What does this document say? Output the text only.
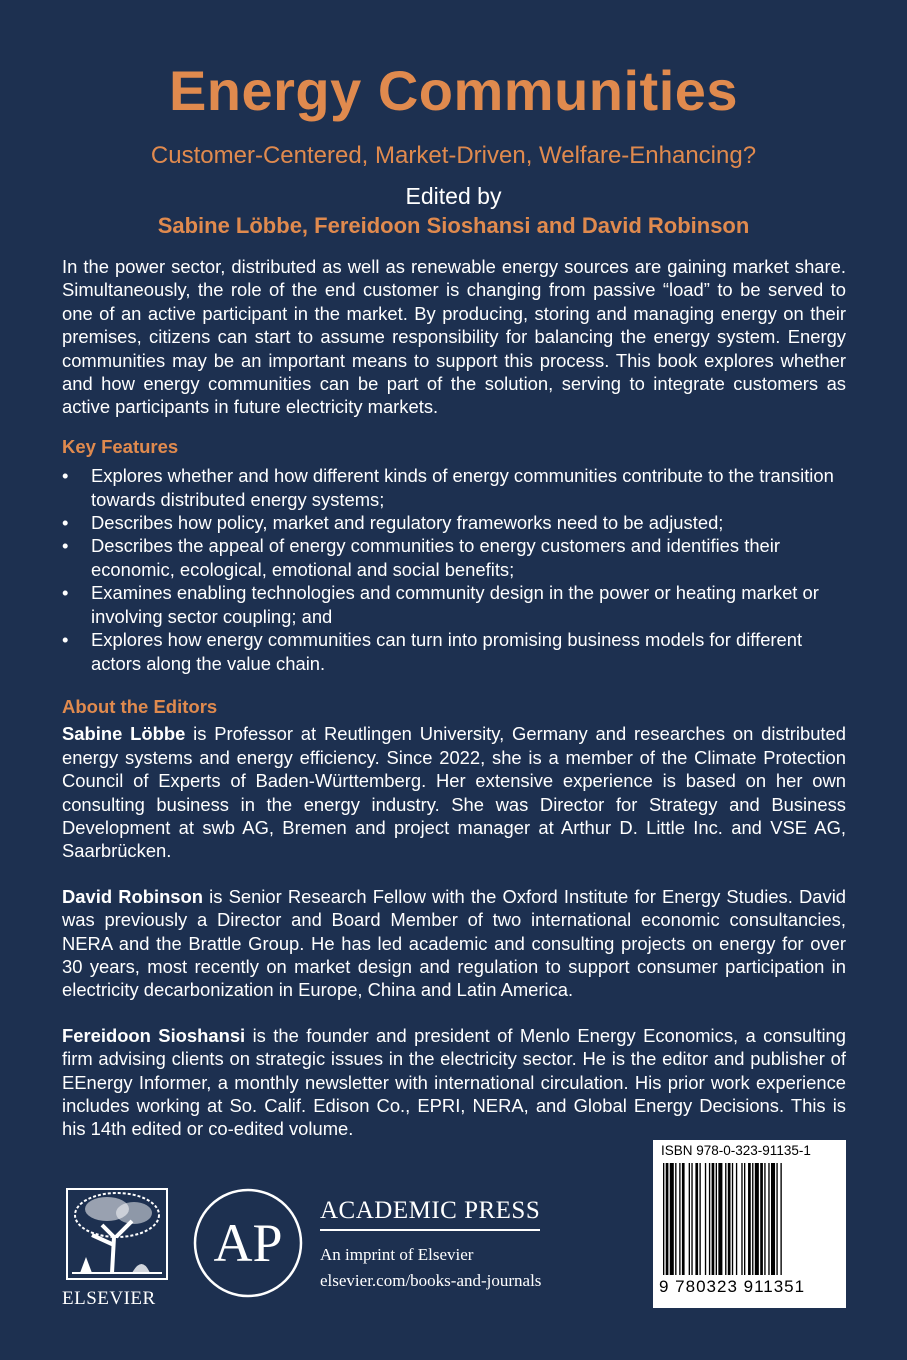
Energy Communities
Customer-Centered, Market-Driven, Welfare-Enhancing?
Edited by
Sabine Löbbe, Fereidoon Sioshansi and David Robinson

In the power sector, distributed as well as renewable energy sources are gaining market share. Simultaneously, the role of the end customer is changing from passive “load” to be served to one of an active participant in the market. By producing, storing and managing energy on their premises, citizens can start to assume responsibility for balancing the energy system. Energy communities may be an important means to support this process. This book explores whether and how energy communities can be part of the solution, serving to integrate customers as active participants in future electricity markets.

Key Features
• Explores whether and how different kinds of energy communities contribute to the transition towards distributed energy systems;
• Describes how policy, market and regulatory frameworks need to be adjusted;
• Describes the appeal of energy communities to energy customers and identifies their economic, ecological, emotional and social benefits;
• Examines enabling technologies and community design in the power or heating market or involving sector coupling; and
• Explores how energy communities can turn into promising business models for different actors along the value chain.
About the Editors

Sabine Löbbe is Professor at Reutlingen University, Germany and researches on distributed energy systems and energy efficiency. Since 2022, she is a member of the Climate Protection Council of Experts of Baden-Württemberg. Her extensive experience is based on her own consulting business in the energy industry. She was Director for Strategy and Business Development at swb AG, Bremen and project manager at Arthur D. Little Inc. and VSE AG, Saarbrücken.

David Robinson is Senior Research Fellow with the Oxford Institute for Energy Studies. David was previously a Director and Board Member of two international economic consultancies, NERA and the Brattle Group. He has led academic and consulting projects on energy for over 30 years, most recently on market design and regulation to support consumer participation in electricity decarbonization in Europe, China and Latin America.

Fereidoon Sioshansi is the founder and president of Menlo Energy Economics, a consulting firm advising clients on strategic issues in the electricity sector. He is the editor and publisher of EEnergy Informer, a monthly newsletter with international circulation. His prior work experience includes working at So. Calif. Edison Co., EPRI, NERA, and Global Energy Decisions. This is his 14th edited or co-edited volume.

ELSEVIER
AP
ACADEMIC PRESS
An imprint of Elsevier
elsevier.com/books-and-journals
ISBN 978-0-323-91135-1
9 780323 911351
